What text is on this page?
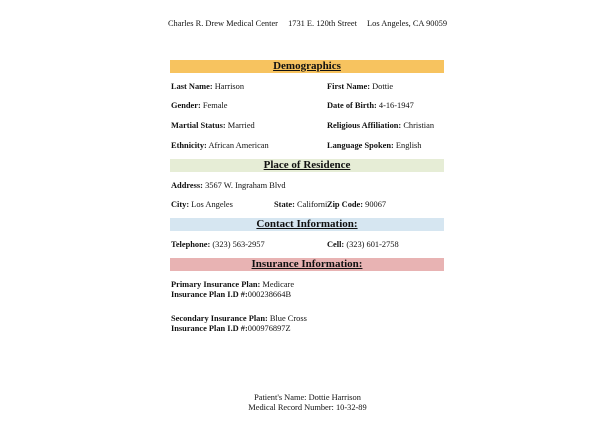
Charles R. Drew Medical Center 1731 E. 120th Street Los Angeles, CA 90059
Demographics
Last Name: Harrison	First Name: Dottie
Gender: Female	Date of Birth: 4-16-1947
Martial Status: Married	Religious Affiliation: Christian
Ethnicity: African American	Language Spoken: English
Place of Residence
Address: 3567 W. Ingraham Blvd
City: Los Angeles	State: Californi Zip Code: 90067
Contact Information:
Telephone: (323) 563-2957	Cell: (323) 601-2758
Insurance Information:
Primary Insurance Plan: Medicare
Insurance Plan I.D #:000238664B
Secondary Insurance Plan: Blue Cross
Insurance Plan I.D #:000976897Z
Patient's Name: Dottie Harrison
Medical Record Number: 10-32-89
